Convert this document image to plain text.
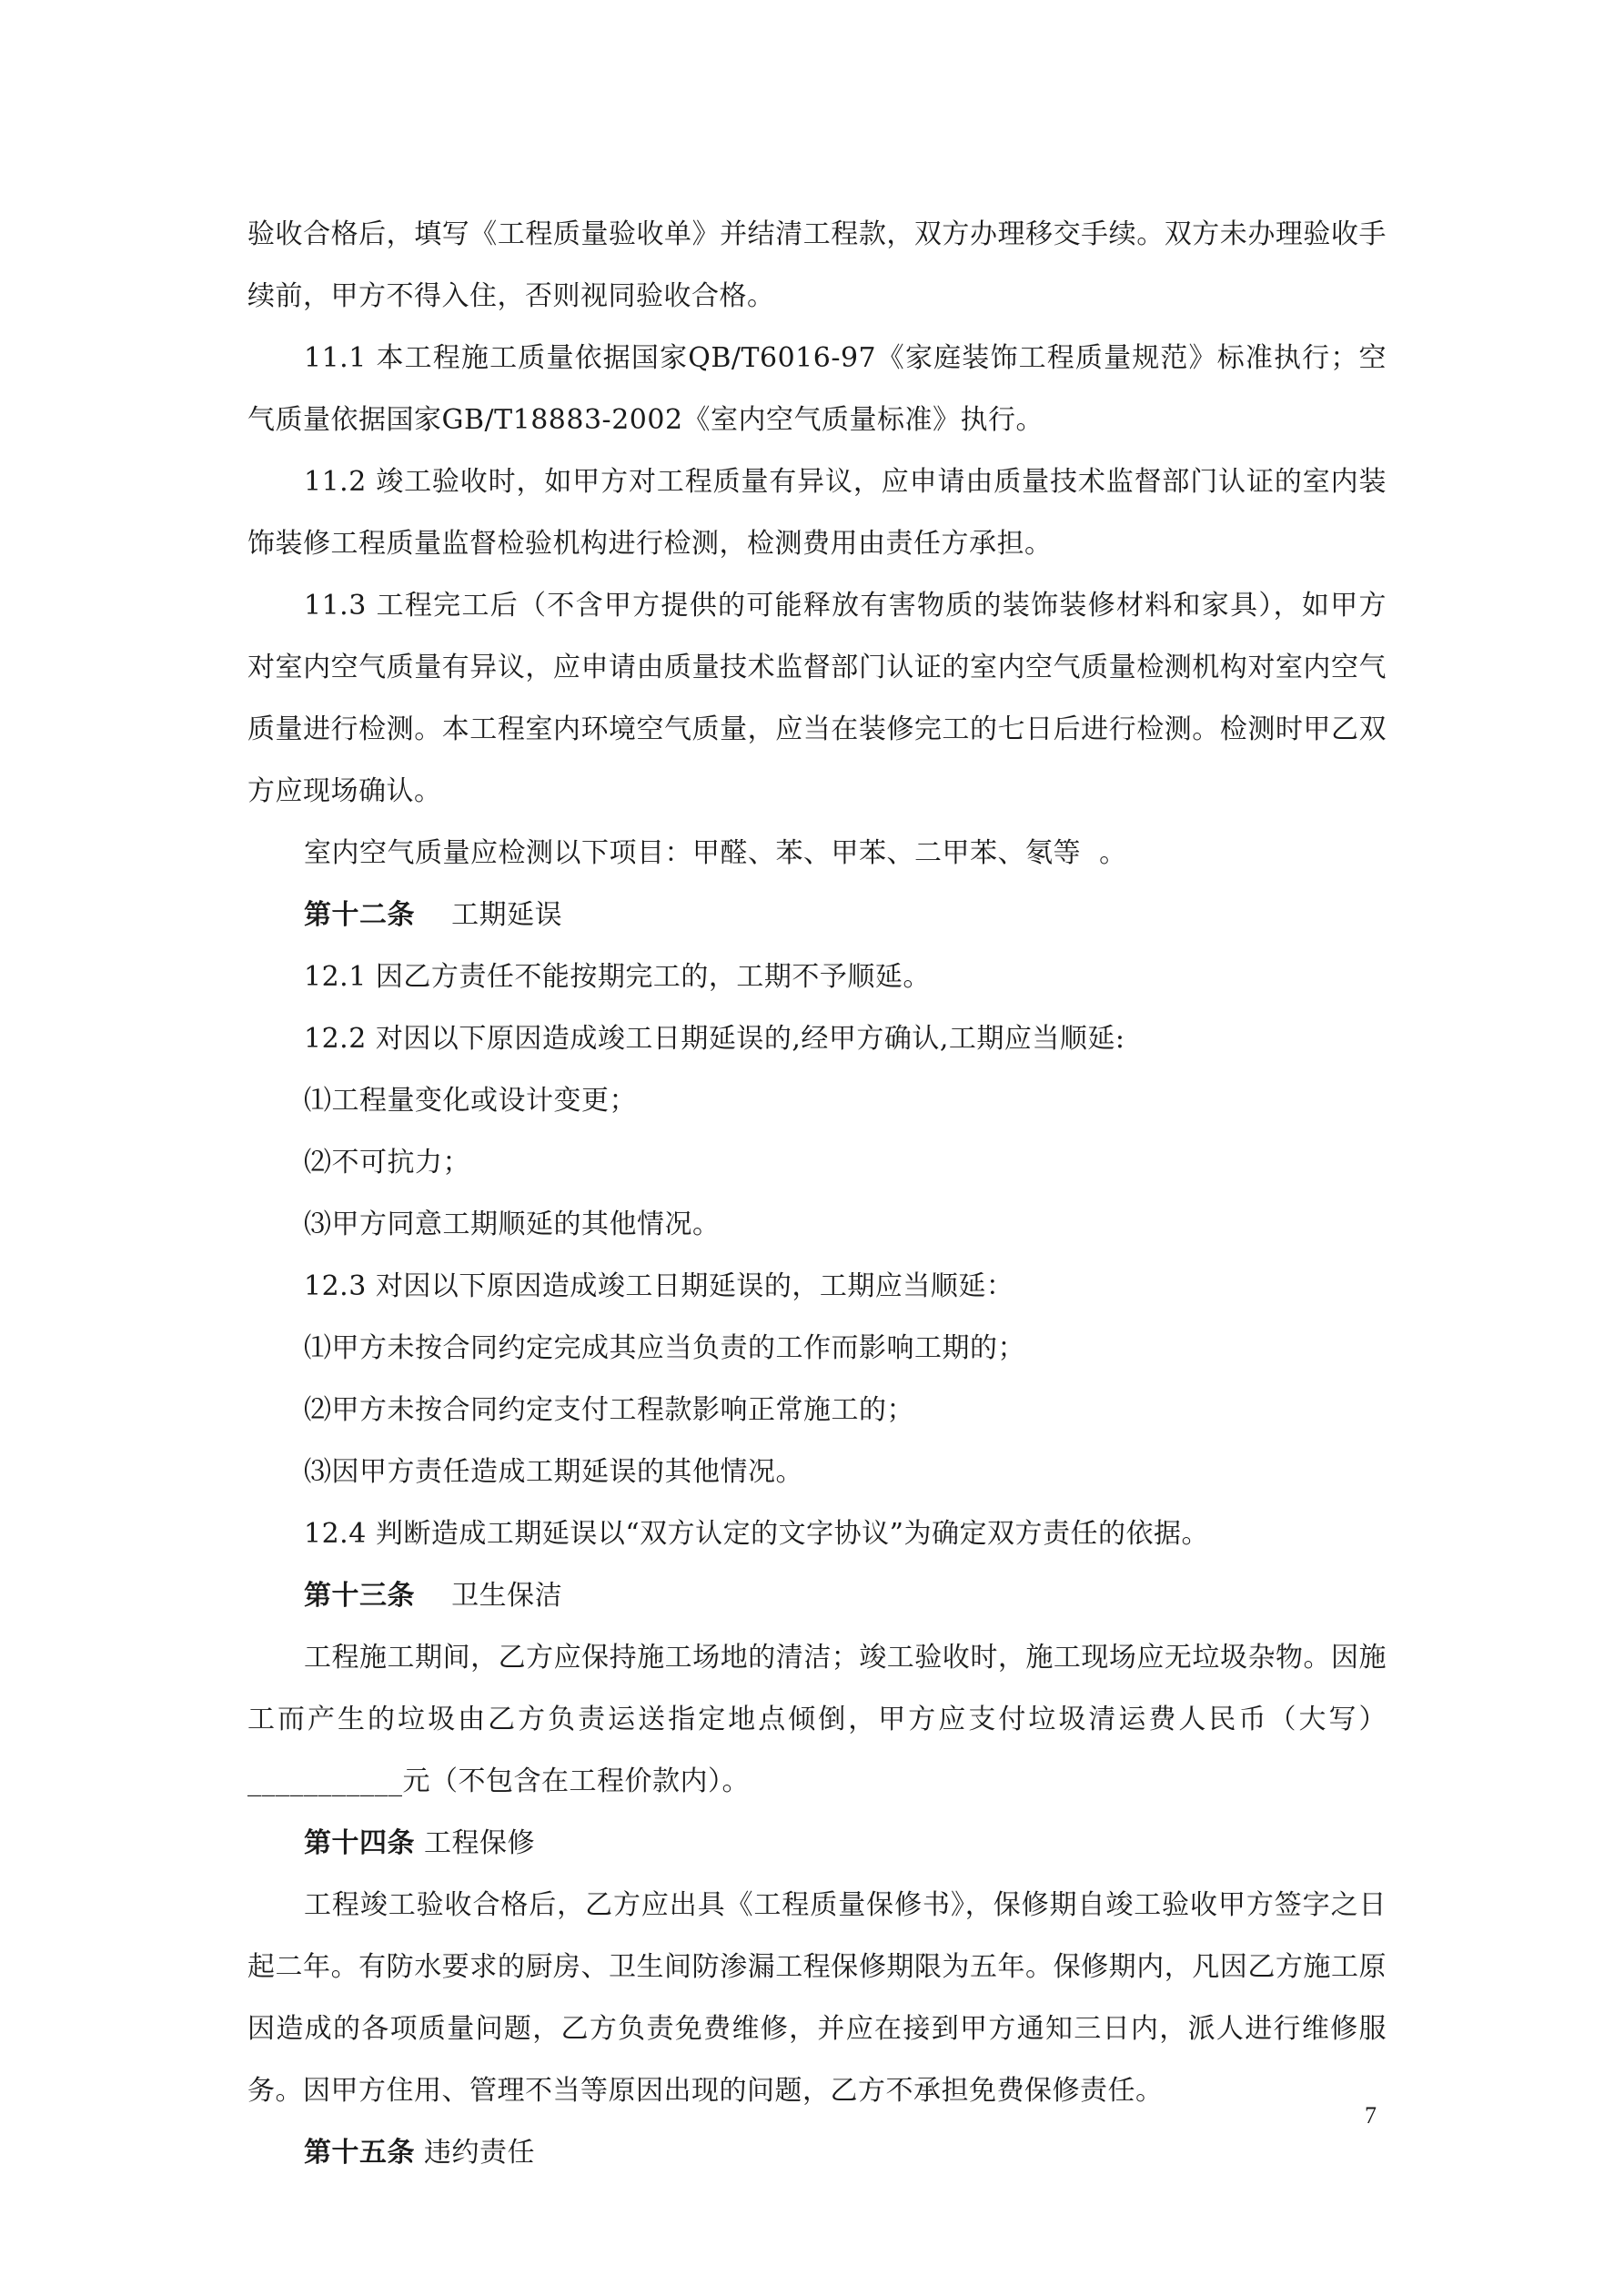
验收合格后，填写《工程质量验收单》并结清工程款，双方办理移交手续。双方未办理验收手续前，甲方不得入住，否则视同验收合格。

11.1 本工程施工质量依据国家QB/T6016-97《家庭装饰工程质量规范》标准执行；空气质量依据国家GB/T18883-2002《室内空气质量标准》执行。

11.2 竣工验收时，如甲方对工程质量有异议，应申请由质量技术监督部门认证的室内装饰装修工程质量监督检验机构进行检测，检测费用由责任方承担。

11.3 工程完工后（不含甲方提供的可能释放有害物质的装饰装修材料和家具），如甲方对室内空气质量有异议，应申请由质量技术监督部门认证的室内空气质量检测机构对室内空气质量进行检测。本工程室内环境空气质量，应当在装修完工的七日后进行检测。检测时甲乙双方应现场确认。

室内空气质量应检测以下项目：甲醛、苯、甲苯、二甲苯、氡等  。

第十二条    工期延误

12.1 因乙方责任不能按期完工的，工期不予顺延。

12.2 对因以下原因造成竣工日期延误的,经甲方确认,工期应当顺延:

⑴工程量变化或设计变更；

⑵不可抗力；

⑶甲方同意工期顺延的其他情况。

12.3 对因以下原因造成竣工日期延误的，工期应当顺延：

⑴甲方未按合同约定完成其应当负责的工作而影响工期的；

⑵甲方未按合同约定支付工程款影响正常施工的；

⑶因甲方责任造成工期延误的其他情况。

12.4 判断造成工期延误以“双方认定的文字协议”为确定双方责任的依据。

第十三条    卫生保洁

工程施工期间，乙方应保持施工场地的清洁；竣工验收时，施工现场应无垃圾杂物。因施工而产生的垃圾由乙方负责运送指定地点倾倒，甲方应支付垃圾清运费人民币（大写）___________元（不包含在工程价款内）。

第十四条 工程保修

工程竣工验收合格后，乙方应出具《工程质量保修书》，保修期自竣工验收甲方签字之日起二年。有防水要求的厨房、卫生间防渗漏工程保修期限为五年。保修期内，凡因乙方施工原因造成的各项质量问题，乙方负责免费维修，并应在接到甲方通知三日内，派人进行维修服务。因甲方住用、管理不当等原因出现的问题，乙方不承担免费保修责任。

第十五条 违约责任

7
